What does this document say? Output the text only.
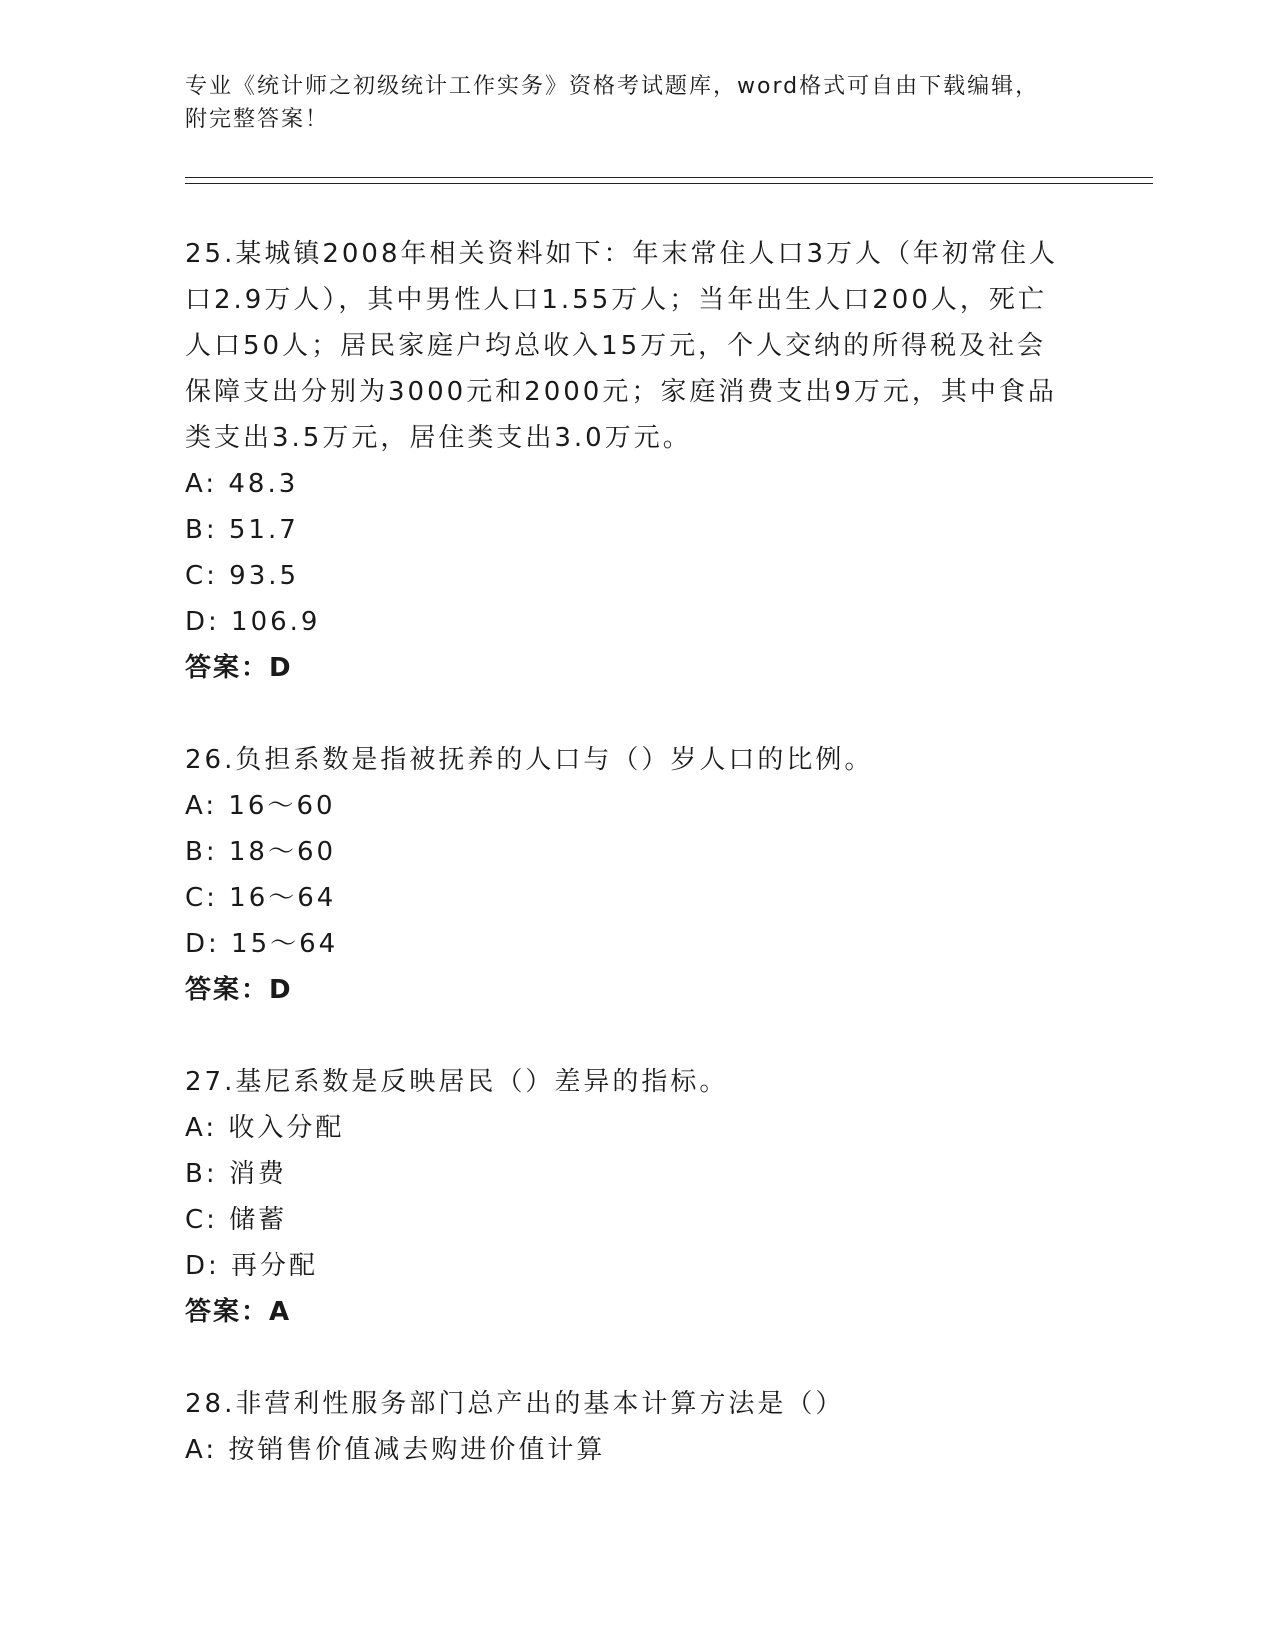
专业《统计师之初级统计工作实务》资格考试题库，word格式可自由下载编辑，
附完整答案！
25.某城镇2008年相关资料如下：年末常住人口3万人（年初常住人
口2.9万人），其中男性人口1.55万人；当年出生人口200人，死亡
人口50人；居民家庭户均总收入15万元，个人交纳的所得税及社会
保障支出分别为3000元和2000元；家庭消费支出9万元，其中食品
类支出3.5万元，居住类支出3.0万元。
A: 48.3
B: 51.7
C: 93.5
D: 106.9
答案：D
26.负担系数是指被抚养的人口与（）岁人口的比例。
A: 16～60
B: 18～60
C: 16～64
D: 15～64
答案：D
27.基尼系数是反映居民（）差异的指标。
A: 收入分配
B: 消费
C: 储蓄
D: 再分配
答案：A
28.非营利性服务部门总产出的基本计算方法是（）
A: 按销售价值减去购进价值计算
